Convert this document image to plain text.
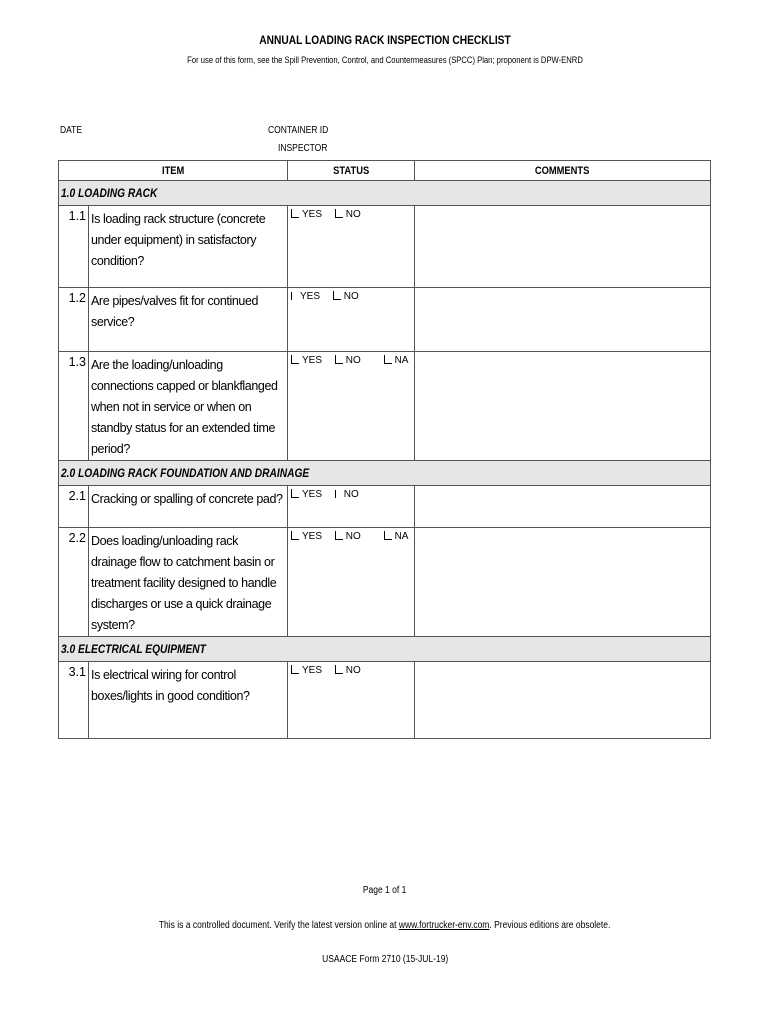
ANNUAL LOADING RACK INSPECTION CHECKLIST
For use of this form, see the Spill Prevention, Control, and Countermeasures (SPCC) Plan; proponent is DPW-ENRD
DATE	CONTAINER ID
INSPECTOR
ITEM		STATUS	COMMENTS
1.0 LOADING RACK			
1.1	Is loading rack structure (concrete under equipment) in satisfactory condition?	YES NO	
1.2	Are pipes/valves fit for continued service?	YES NO	
1.3	Are the loading/unloading connections capped or blankflanged when not in service or when on standby status for an extended time period?	YES NO NA	
2.0 LOADING RACK FOUNDATION AND DRAINAGE			
2.1	Cracking or spalling of concrete pad?	YES NO	
2.2	Does loading/unloading rack drainage flow to catchment basin or treatment facility designed to handle discharges or use a quick drainage system?	YES NO NA	
3.0 ELECTRICAL EQUIPMENT			
3.1	Is electrical wiring for control boxes/lights in good condition?	YES NO	
Page 1 of 1
This is a controlled document. Verify the latest version online at www.fortrucker-env.com. Previous editions are obsolete.
USAACE Form 2710 (15-JUL-19)
